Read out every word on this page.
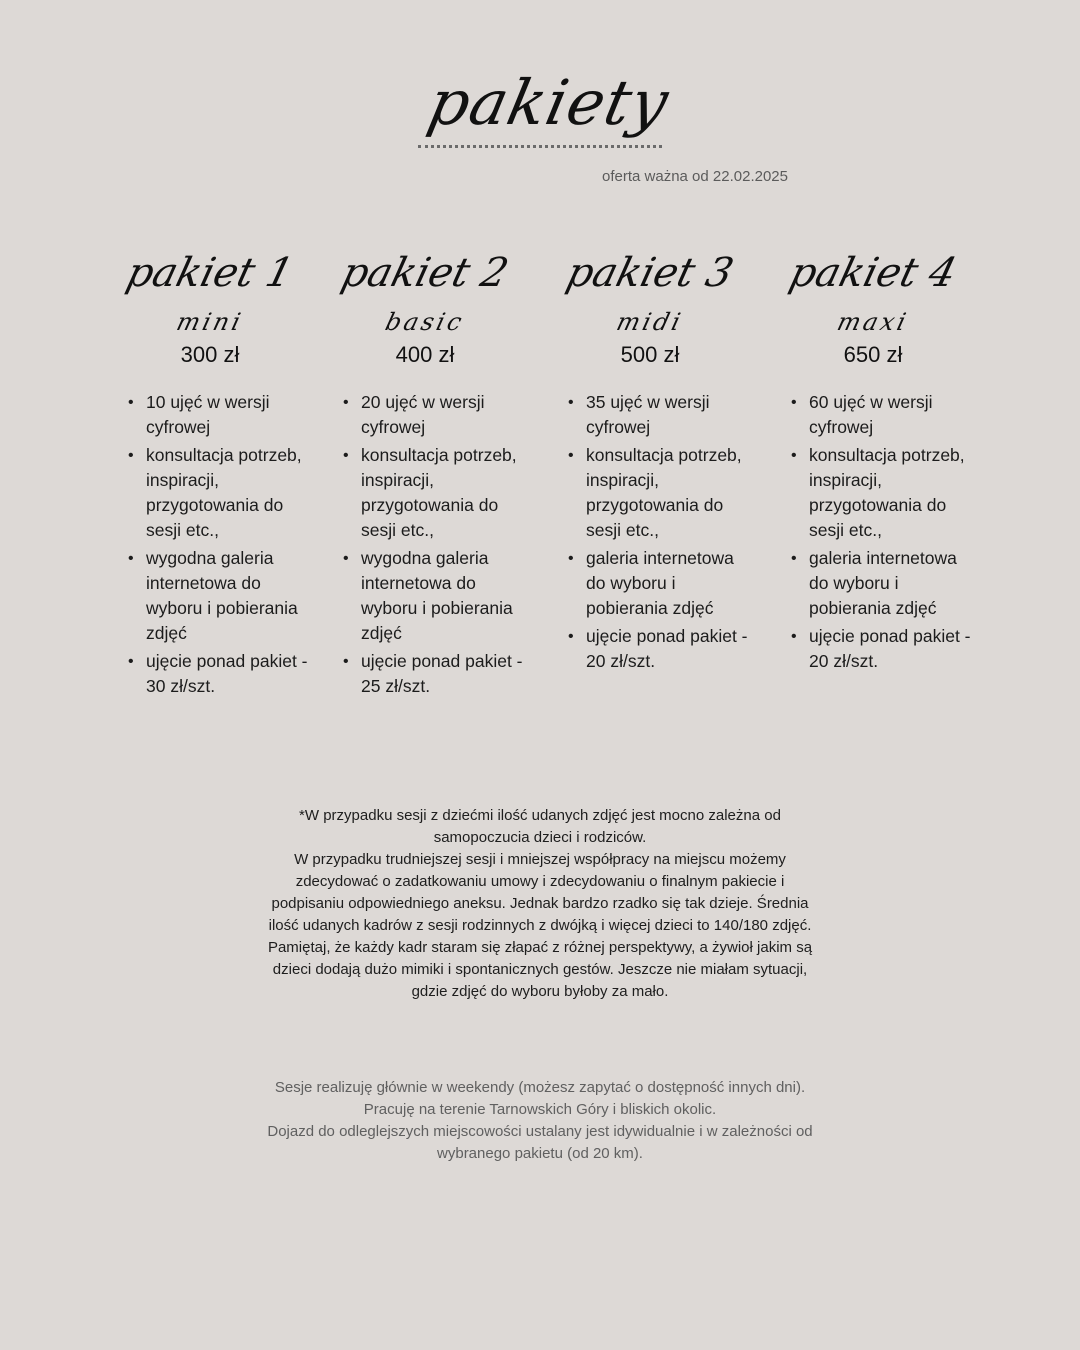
pakiety
oferta ważna od 22.02.2025
pakiet 1
mini
300 zł
• 10 ujęć w wersji cyfrowej
• konsultacja potrzeb, inspiracji, przygotowania do sesji etc.,
• wygodna galeria internetowa do wyboru i pobierania zdjęć
• ujęcie ponad pakiet - 30 zł/szt.
pakiet 2
basic
400 zł
• 20 ujęć w wersji cyfrowej
• konsultacja potrzeb, inspiracji, przygotowania do sesji etc.,
• wygodna galeria internetowa do wyboru i pobierania zdjęć
• ujęcie ponad pakiet - 25 zł/szt.
pakiet 3
midi
500 zł
• 35 ujęć w wersji cyfrowej
• konsultacja potrzeb, inspiracji, przygotowania do sesji etc.,
• galeria internetowa do wyboru i pobierania zdjęć
• ujęcie ponad pakiet - 20 zł/szt.
pakiet 4
maxi
650 zł
• 60 ujęć w wersji cyfrowej
• konsultacja potrzeb, inspiracji, przygotowania do sesji etc.,
• galeria internetowa do wyboru i pobierania zdjęć
• ujęcie ponad pakiet - 20 zł/szt.

*W przypadku sesji z dziećmi ilość udanych zdjęć jest mocno zależna od

samopoczucia dzieci i rodziców.

W przypadku trudniejszej sesji i mniejszej współpracy na miejscu możemy

zdecydować o zadatkowaniu umowy i zdecydowaniu o finalnym pakiecie i

podpisaniu odpowiedniego aneksu. Jednak bardzo rzadko się tak dzieje. Średnia

ilość udanych kadrów z sesji rodzinnych z dwójką i więcej dzieci to 140/180 zdjęć.

Pamiętaj, że każdy kadr staram się złapać z różnej perspektywy, a żywioł jakim są

dzieci dodają dużo mimiki i spontanicznych gestów. Jeszcze nie miałam sytuacji,

gdzie zdjęć do wyboru byłoby za mało.

Sesje realizuję głównie w weekendy (możesz zapytać o dostępność innych dni).

Pracuję na terenie Tarnowskich Góry i bliskich okolic.

Dojazd do odleglejszych miejscowości ustalany jest idywidualnie i w zależności od

wybranego pakietu (od 20 km).
